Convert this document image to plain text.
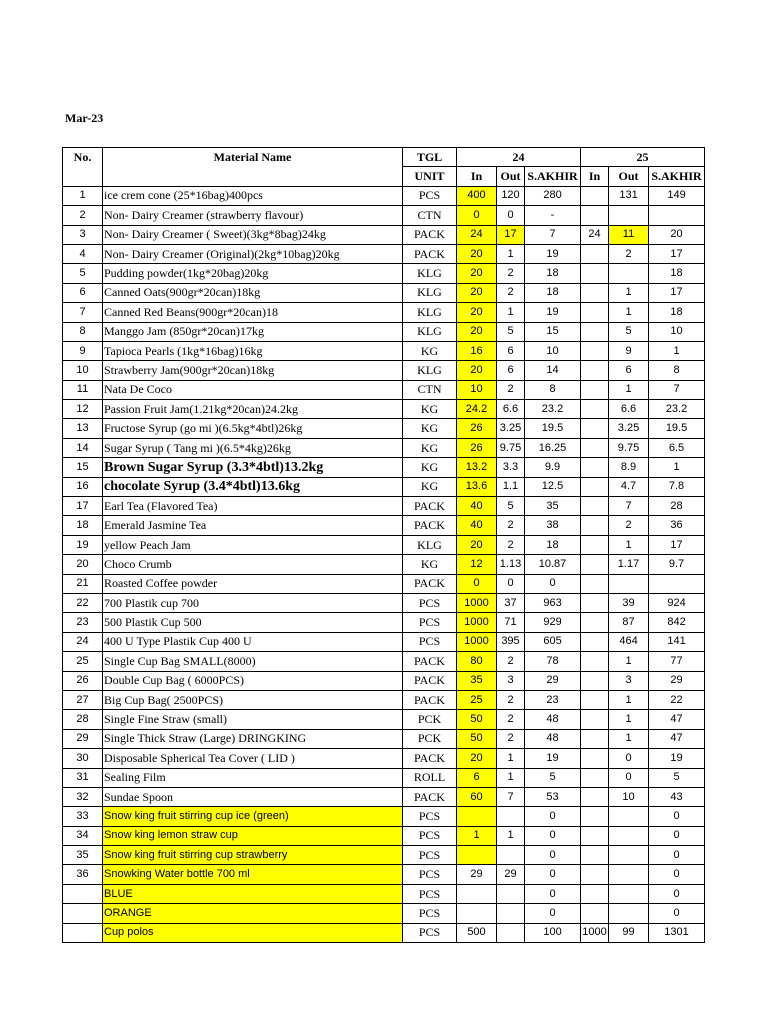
Mar-23
No.	Material Name	TGL	24			25		
		UNIT	In	Out	S.AKHIR	In	Out	S.AKHIR
1	ice crem cone (25*16bag)400pcs	PCS	400	120	280		131	149
2	Non- Dairy Creamer (strawberry flavour)	CTN	0	0	-			
3	Non- Dairy Creamer ( Sweet)(3kg*8bag)24kg	PACK	24	17	7	24	11	20
4	Non- Dairy Creamer (Original)(2kg*10bag)20kg	PACK	20	1	19		2	17
5	Pudding powder(1kg*20bag)20kg	KLG	20	2	18			18
6	Canned Oats(900gr*20can)18kg	KLG	20	2	18		1	17
7	Canned Red Beans(900gr*20can)18	KLG	20	1	19		1	18
8	Manggo Jam (850gr*20can)17kg	KLG	20	5	15		5	10
9	Tapioca Pearls (1kg*16bag)16kg	KG	16	6	10		9	1
10	Strawberry Jam(900gr*20can)18kg	KLG	20	6	14		6	8
11	Nata De Coco	CTN	10	2	8		1	7
12	Passion Fruit Jam(1.21kg*20can)24.2kg	KG	24.2	6.6	23.2		6.6	23.2
13	Fructose Syrup (go mi )(6.5kg*4btl)26kg	KG	26	3.25	19.5		3.25	19.5
14	Sugar Syrup ( Tang mi )(6.5*4kg)26kg	KG	26	9.75	16.25		9.75	6.5
15	Brown Sugar Syrup (3.3*4btl)13.2kg	KG	13.2	3.3	9.9		8.9	1
16	chocolate Syrup (3.4*4btl)13.6kg	KG	13.6	1.1	12.5		4.7	7.8
17	Earl Tea (Flavored Tea)	PACK	40	5	35		7	28
18	Emerald Jasmine Tea	PACK	40	2	38		2	36
19	yellow Peach Jam	KLG	20	2	18		1	17
20	Choco Crumb	KG	12	1.13	10.87		1.17	9.7
21	Roasted Coffee powder	PACK	0	0	0			
22	700 Plastik cup 700	PCS	1000	37	963		39	924
23	500 Plastik Cup 500	PCS	1000	71	929		87	842
24	400 U Type Plastik Cup 400 U	PCS	1000	395	605		464	141
25	Single Cup Bag SMALL(8000)	PACK	80	2	78		1	77
26	Double Cup Bag ( 6000PCS)	PACK	35	3	29		3	29
27	Big Cup Bag( 2500PCS)	PACK	25	2	23		1	22
28	Single Fine Straw (small)	PCK	50	2	48		1	47
29	Single Thick Straw (Large) DRINGKING	PCK	50	2	48		1	47
30	Disposable Spherical Tea Cover ( LID )	PACK	20	1	19		0	19
31	Sealing Film	ROLL	6	1	5		0	5
32	Sundae Spoon	PACK	60	7	53		10	43
33	Snow king fruit stirring cup ice (green)	PCS			0			0
34	Snow king lemon straw cup	PCS	1	1	0			0
35	Snow king fruit stirring cup strawberry	PCS			0			0
36	Snowking Water bottle 700 ml	PCS	29	29	0			0
	BLUE	PCS			0			0
	ORANGE	PCS			0			0
	Cup polos	PCS	500		100	1000	99	1301
